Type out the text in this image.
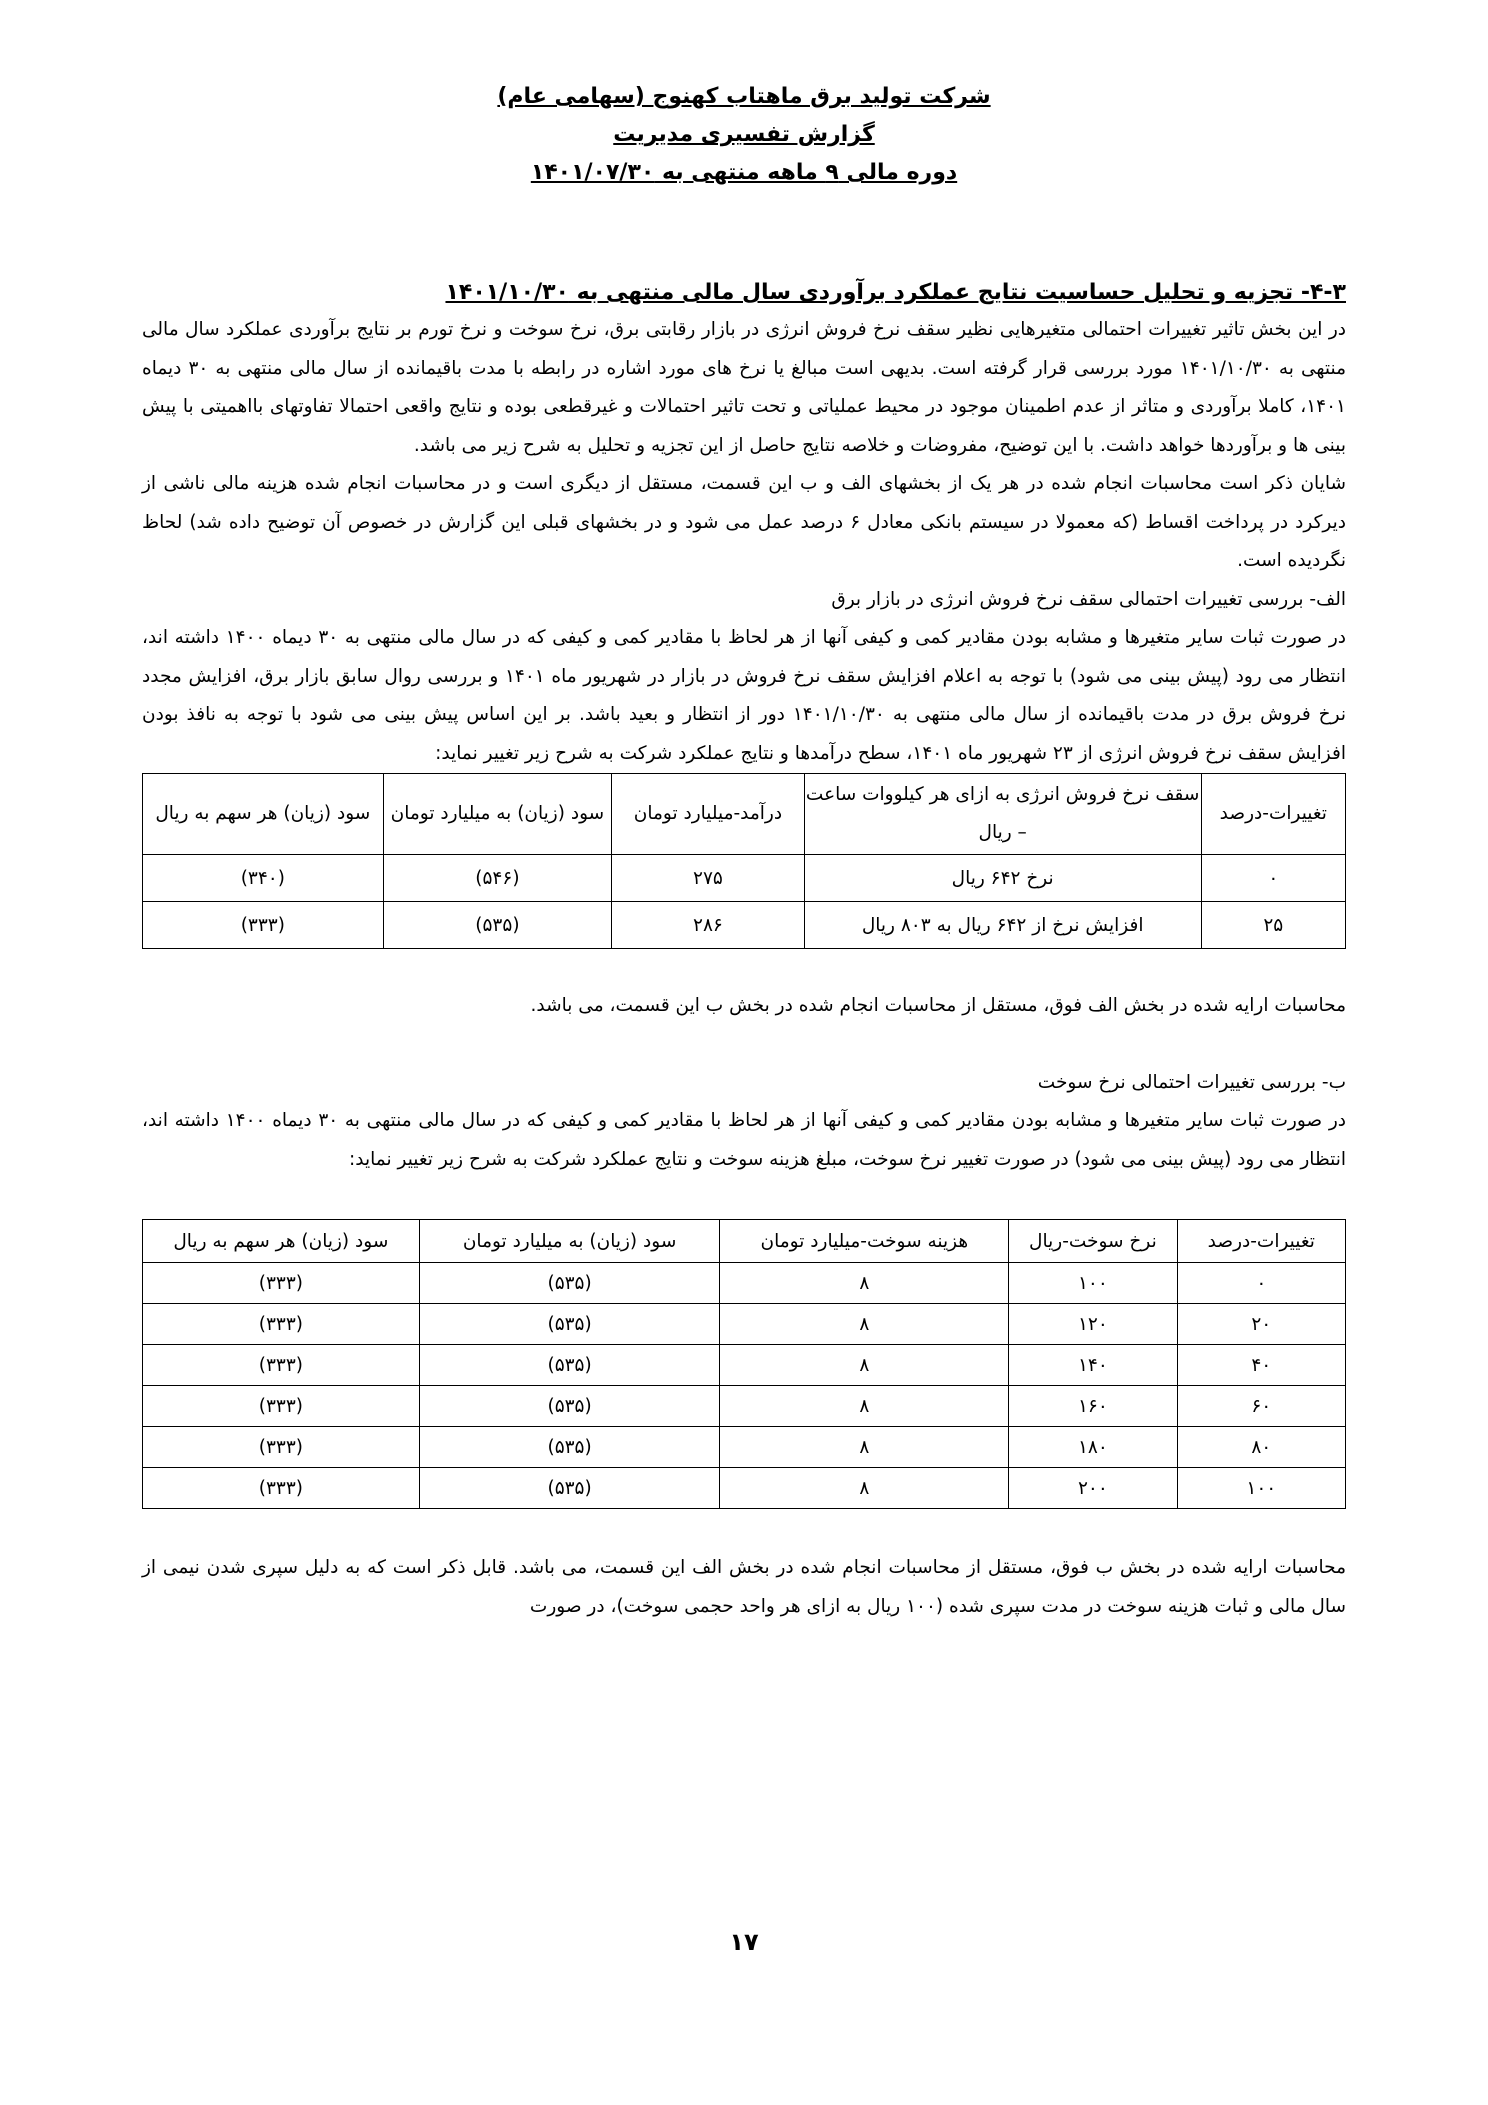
شرکت تولید برق ماهتاب کهنوج (سهامی عام)
گزارش تفسیری مدیریت
دوره مالی ۹ ماهه منتهی به ۱۴۰۱/۰۷/۳۰
۴-۳- تجزیه و تحلیل حساسیت نتایج عملکرد برآوردی سال مالی منتهی به ۱۴۰۱/۱۰/۳۰

در این بخش تاثیر تغییرات احتمالی متغیرهایی نظیر سقف نرخ فروش انرژی در بازار رقابتی برق، نرخ سوخت و نرخ تورم بر نتایج برآوردی عملکرد سال مالی منتهی به ۱۴۰۱/۱۰/۳۰ مورد بررسی قرار گرفته است. بدیهی است مبالغ یا نرخ های مورد اشاره در رابطه با مدت باقیمانده از سال مالی منتهی به ۳۰ دیماه ۱۴۰۱، کاملا برآوردی و متاثر از عدم اطمینان موجود در محیط عملیاتی و تحت تاثیر احتمالات و غیرقطعی بوده و نتایج واقعی احتمالا تفاوتهای بااهمیتی با پیش بینی ها و برآوردها خواهد داشت. با این توضیح، مفروضات و خلاصه نتایج حاصل از این تجزیه و تحلیل به شرح زیر می باشد.

شایان ذکر است محاسبات انجام شده در هر یک از بخشهای الف و ب این قسمت، مستقل از دیگری است و در محاسبات انجام شده هزینه مالی ناشی از دیرکرد در پرداخت اقساط (که معمولا در سیستم بانکی معادل ۶ درصد عمل می شود و در بخشهای قبلی این گزارش در خصوص آن توضیح داده شد) لحاظ نگردیده است.

الف- بررسی تغییرات احتمالی سقف نرخ فروش انرژی در بازار برق

در صورت ثبات سایر متغیرها و مشابه بودن مقادیر کمی و کیفی آنها از هر لحاظ با مقادیر کمی و کیفی که در سال مالی منتهی به ۳۰ دیماه ۱۴۰۰ داشته اند، انتظار می رود (پیش بینی می شود) با توجه به اعلام افزایش سقف نرخ فروش در بازار در شهریور ماه ۱۴۰۱ و بررسی روال سابق بازار برق، افزایش مجدد نرخ فروش برق در مدت باقیمانده از سال مالی منتهی به ۱۴۰۱/۱۰/۳۰ دور از انتظار و بعید باشد. بر این اساس پیش بینی می شود با توجه به نافذ بودن افزایش سقف نرخ فروش انرژی از ۲۳ شهریور ماه ۱۴۰۱، سطح درآمدها و نتایج عملکرد شرکت به شرح زیر تغییر نماید:

تغییرات-درصد	سقف نرخ فروش انرژی به ازای هر کیلووات ساعت – ریال	درآمد-میلیارد تومان	سود (زیان) به میلیارد تومان	سود (زیان) هر سهم به ریال
۰	نرخ ۶۴۲ ریال	۲۷۵	(۵۴۶)	(۳۴۰)
۲۵	افزایش نرخ از ۶۴۲ ریال به ۸۰۳ ریال	۲۸۶	(۵۳۵)	(۳۳۳)

محاسبات ارایه شده در بخش الف فوق، مستقل از محاسبات انجام شده در بخش ب این قسمت، می باشد.

ب- بررسی تغییرات احتمالی نرخ سوخت

در صورت ثبات سایر متغیرها و مشابه بودن مقادیر کمی و کیفی آنها از هر لحاظ با مقادیر کمی و کیفی که در سال مالی منتهی به ۳۰ دیماه ۱۴۰۰ داشته اند، انتظار می رود (پیش بینی می شود) در صورت تغییر نرخ سوخت، مبلغ هزینه سوخت و نتایج عملکرد شرکت به شرح زیر تغییر نماید:

تغییرات-درصد	نرخ سوخت-ریال	هزینه سوخت-میلیارد تومان	سود (زیان) به میلیارد تومان	سود (زیان) هر سهم به ریال
۰	۱۰۰	۸	(۵۳۵)	(۳۳۳)
۲۰	۱۲۰	۸	(۵۳۵)	(۳۳۳)
۴۰	۱۴۰	۸	(۵۳۵)	(۳۳۳)
۶۰	۱۶۰	۸	(۵۳۵)	(۳۳۳)
۸۰	۱۸۰	۸	(۵۳۵)	(۳۳۳)
۱۰۰	۲۰۰	۸	(۵۳۵)	(۳۳۳)

محاسبات ارایه شده در بخش ب فوق، مستقل از محاسبات انجام شده در بخش الف این قسمت، می باشد. قابل ذکر است که به دلیل سپری شدن نیمی از سال مالی و ثبات هزینه سوخت در مدت سپری شده (۱۰۰ ریال به ازای هر واحد حجمی سوخت)، در صورت

۱۷
